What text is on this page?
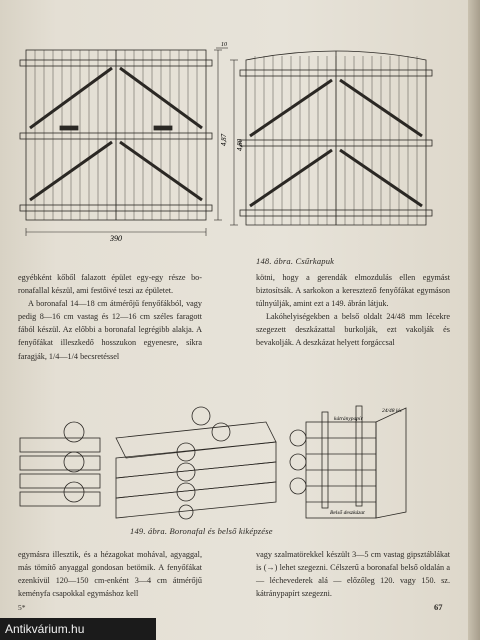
390
4,87
10
4,80
148. ábra. Csűrkapuk

egyébként kőből falazott épület egy-egy része boronafallal készül, ami festőivé teszi az épületet.

A boronafal 14—18 cm átmérőjű fenyőfákból, vagy pedig 8—16 cm vastag és 12—16 cm széles faragott fából készül. Az előbbi a boronafal legrégibb alakja. A fenyőfákat illeszkedő hosszukon egyenesre, síkra faragják, 1/4—1/4 becsretéssel

kötni, hogy a gerendák elmozdulás ellen egymást biztosítsák. A sarkokon a keresztező fenyőfákat egymáson túlnyúlják, amint ezt a 149. ábrán látjuk.

Lakóhelyiségekben a belső oldalt 24/48 mm lécekre szegezett deszkázattal burkolják, ezt vakolják és bevakolják. A deszkázat helyett forgáccsal

24/48 léc
kátránypapír
Belső deszkázat
149. ábra. Boronafal és belső kiképzése

egymásra illesztik, és a hézagokat mohával, agyaggal, más tömítő anyaggal gondosan betömik. A fenyőfákat ezenkívül 120—150 cm-enként 3—4 cm átmérőjű keményfa csapokkal egymáshoz kell

vagy szalmatörekkel készült 3—5 cm vastag gipsztáblákat is (→) lehet szegezni. Célszerű a boronafal belső oldalán a — léchevederek alá — előzőleg 120. vagy 150. sz. kátránypapírt szegezni.

5*	67
Antikvárium.hu
